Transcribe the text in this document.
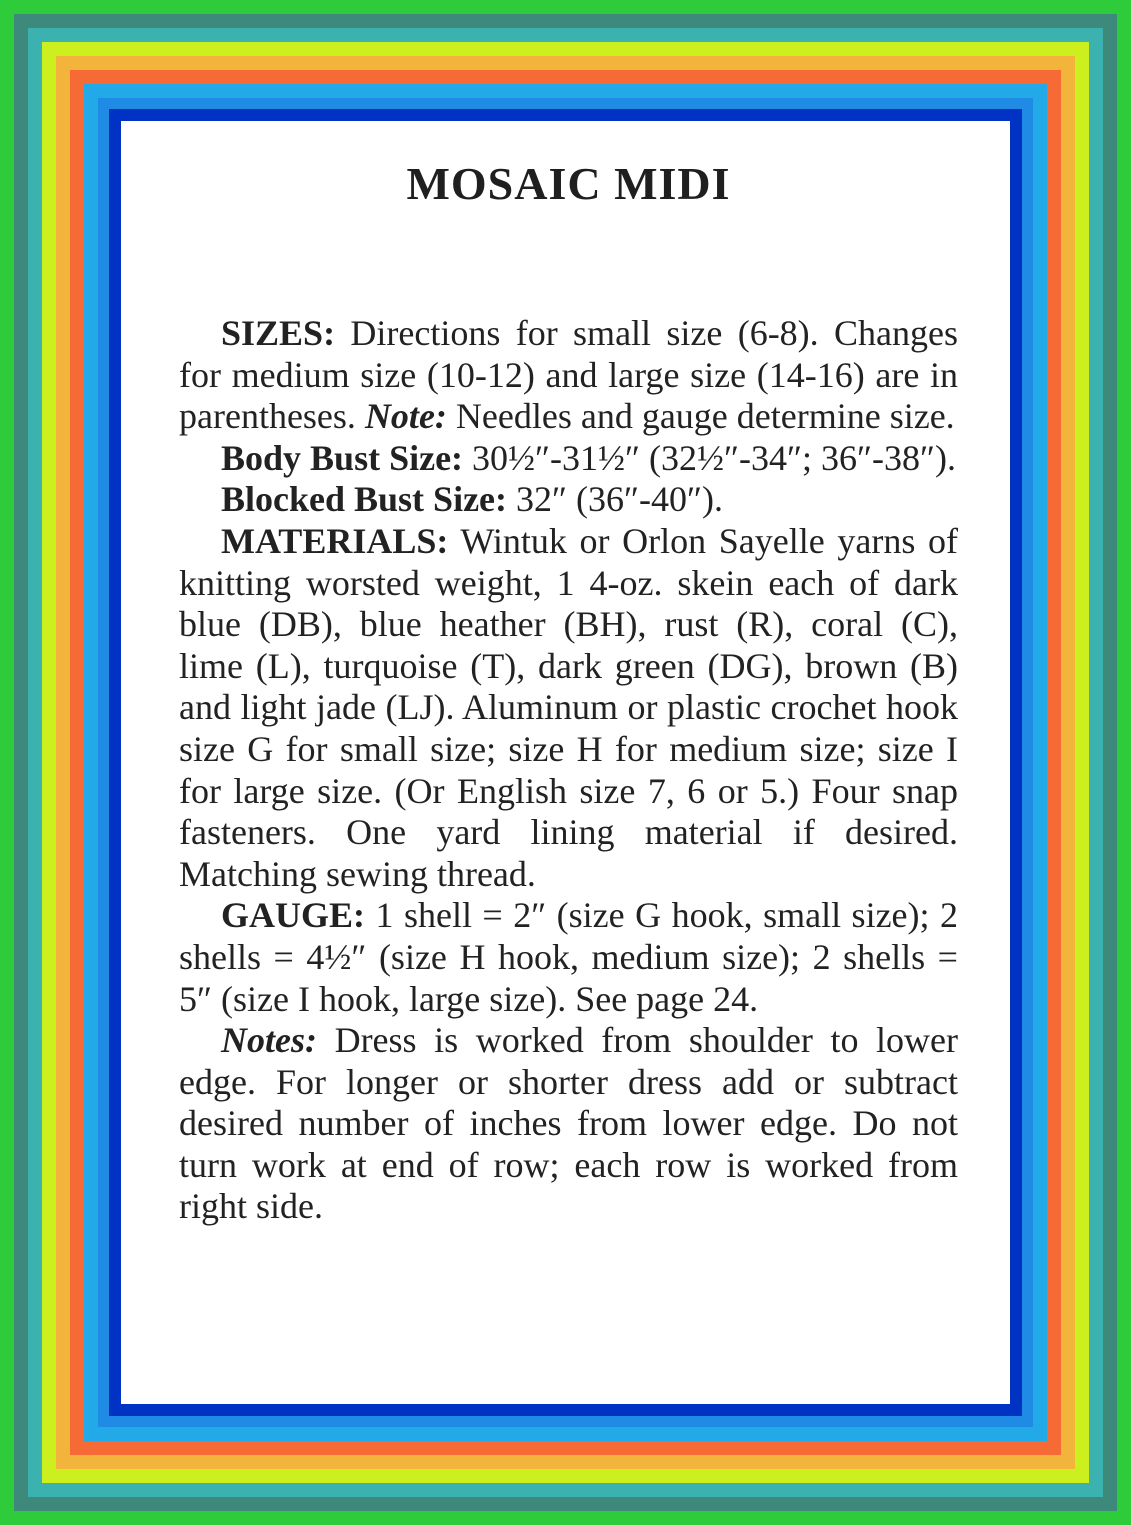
MOSAIC MIDI

SIZES: Directions for small size (6-8). Changes for medium size (10-12) and large size (14-16) are in parentheses. Note: Needles and gauge determine size.

Body Bust Size: 30½″-31½″ (32½″-34″; 36″-38″).

Blocked Bust Size: 32″ (36″-40″).

MATERIALS: Wintuk or Orlon Sayelle yarns of knitting worsted weight, 1 4-oz. skein each of dark blue (DB), blue heather (BH), rust (R), coral (C), lime (L), turquoise (T), dark green (DG), brown (B) and light jade (LJ). Aluminum or plastic crochet hook size G for small size; size H for medium size; size I for large size. (Or English size 7, 6 or 5.) Four snap fasteners. One yard lining material if desired. Matching sewing thread.

GAUGE: 1 shell = 2″ (size G hook, small size); 2 shells = 4½″ (size H hook, medium size); 2 shells = 5″ (size I hook, large size). See page 24.

Notes: Dress is worked from shoulder to lower edge. For longer or shorter dress add or subtract desired number of inches from lower edge. Do not turn work at end of row; each row is worked from right side.
